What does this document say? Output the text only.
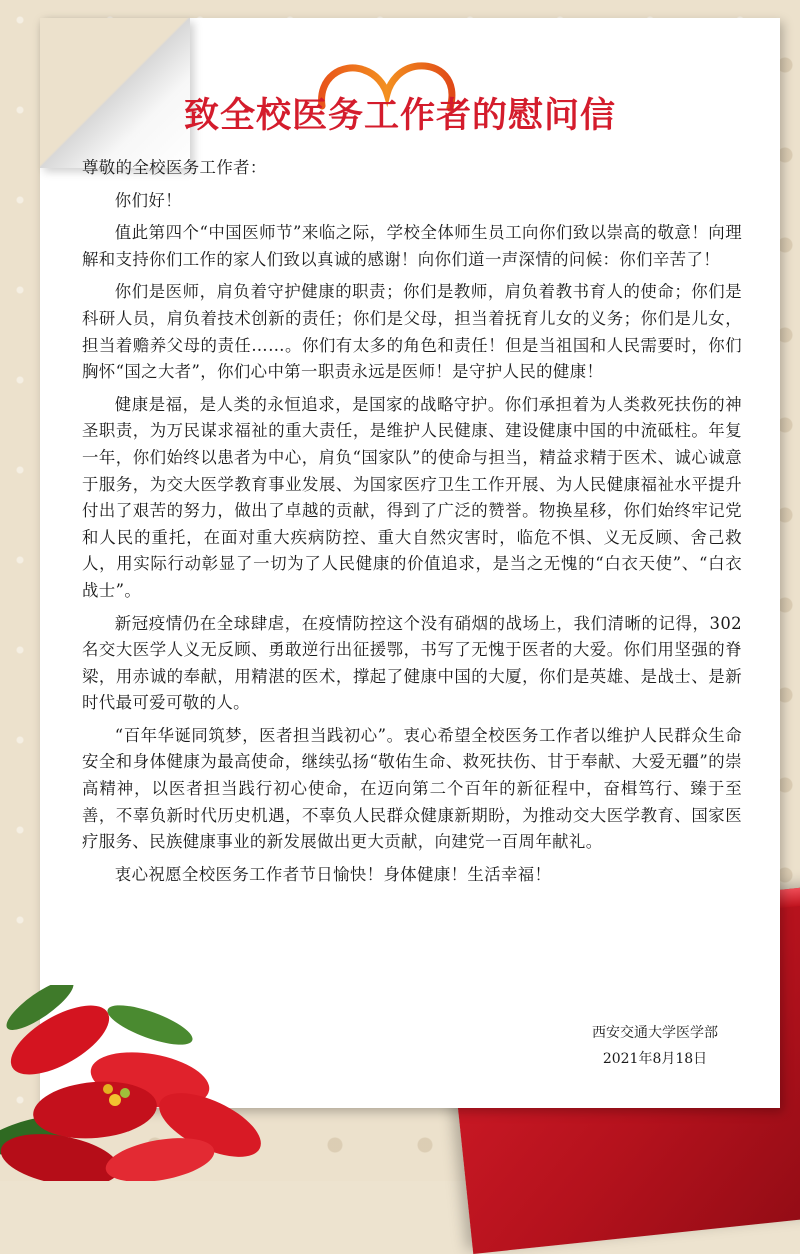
致全校医务工作者的慰问信

尊敬的全校医务工作者：

你们好！

值此第四个“中国医师节”来临之际，学校全体师生员工向你们致以崇高的敬意！向理解和支持你们工作的家人们致以真诚的感谢！向你们道一声深情的问候：你们辛苦了！

你们是医师，肩负着守护健康的职责；你们是教师，肩负着教书育人的使命；你们是科研人员，肩负着技术创新的责任；你们是父母，担当着抚育儿女的义务；你们是儿女，担当着赡养父母的责任……。你们有太多的角色和责任！但是当祖国和人民需要时，你们胸怀“国之大者”，你们心中第一职责永远是医师！是守护人民的健康！

健康是福，是人类的永恒追求，是国家的战略守护。你们承担着为人类救死扶伤的神圣职责，为万民谋求福祉的重大责任，是维护人民健康、建设健康中国的中流砥柱。年复一年，你们始终以患者为中心，肩负“国家队”的使命与担当，精益求精于医术、诚心诚意于服务，为交大医学教育事业发展、为国家医疗卫生工作开展、为人民健康福祉水平提升付出了艰苦的努力，做出了卓越的贡献，得到了广泛的赞誉。物换星移，你们始终牢记党和人民的重托，在面对重大疾病防控、重大自然灾害时，临危不惧、义无反顾、舍己救人，用实际行动彰显了一切为了人民健康的价值追求，是当之无愧的“白衣天使”、“白衣战士”。

新冠疫情仍在全球肆虐，在疫情防控这个没有硝烟的战场上，我们清晰的记得，302名交大医学人义无反顾、勇敢逆行出征援鄂，书写了无愧于医者的大爱。你们用坚强的脊梁，用赤诚的奉献，用精湛的医术，撑起了健康中国的大厦，你们是英雄、是战士、是新时代最可爱可敬的人。

“百年华诞同筑梦，医者担当践初心”。衷心希望全校医务工作者以维护人民群众生命安全和身体健康为最高使命，继续弘扬“敬佑生命、救死扶伤、甘于奉献、大爱无疆”的崇高精神，以医者担当践行初心使命，在迈向第二个百年的新征程中，奋楫笃行、臻于至善，不辜负新时代历史机遇，不辜负人民群众健康新期盼，为推动交大医学教育、国家医疗服务、民族健康事业的新发展做出更大贡献，向建党一百周年献礼。

衷心祝愿全校医务工作者节日愉快！身体健康！生活幸福！

西安交通大学医学部
2021年8月18日
